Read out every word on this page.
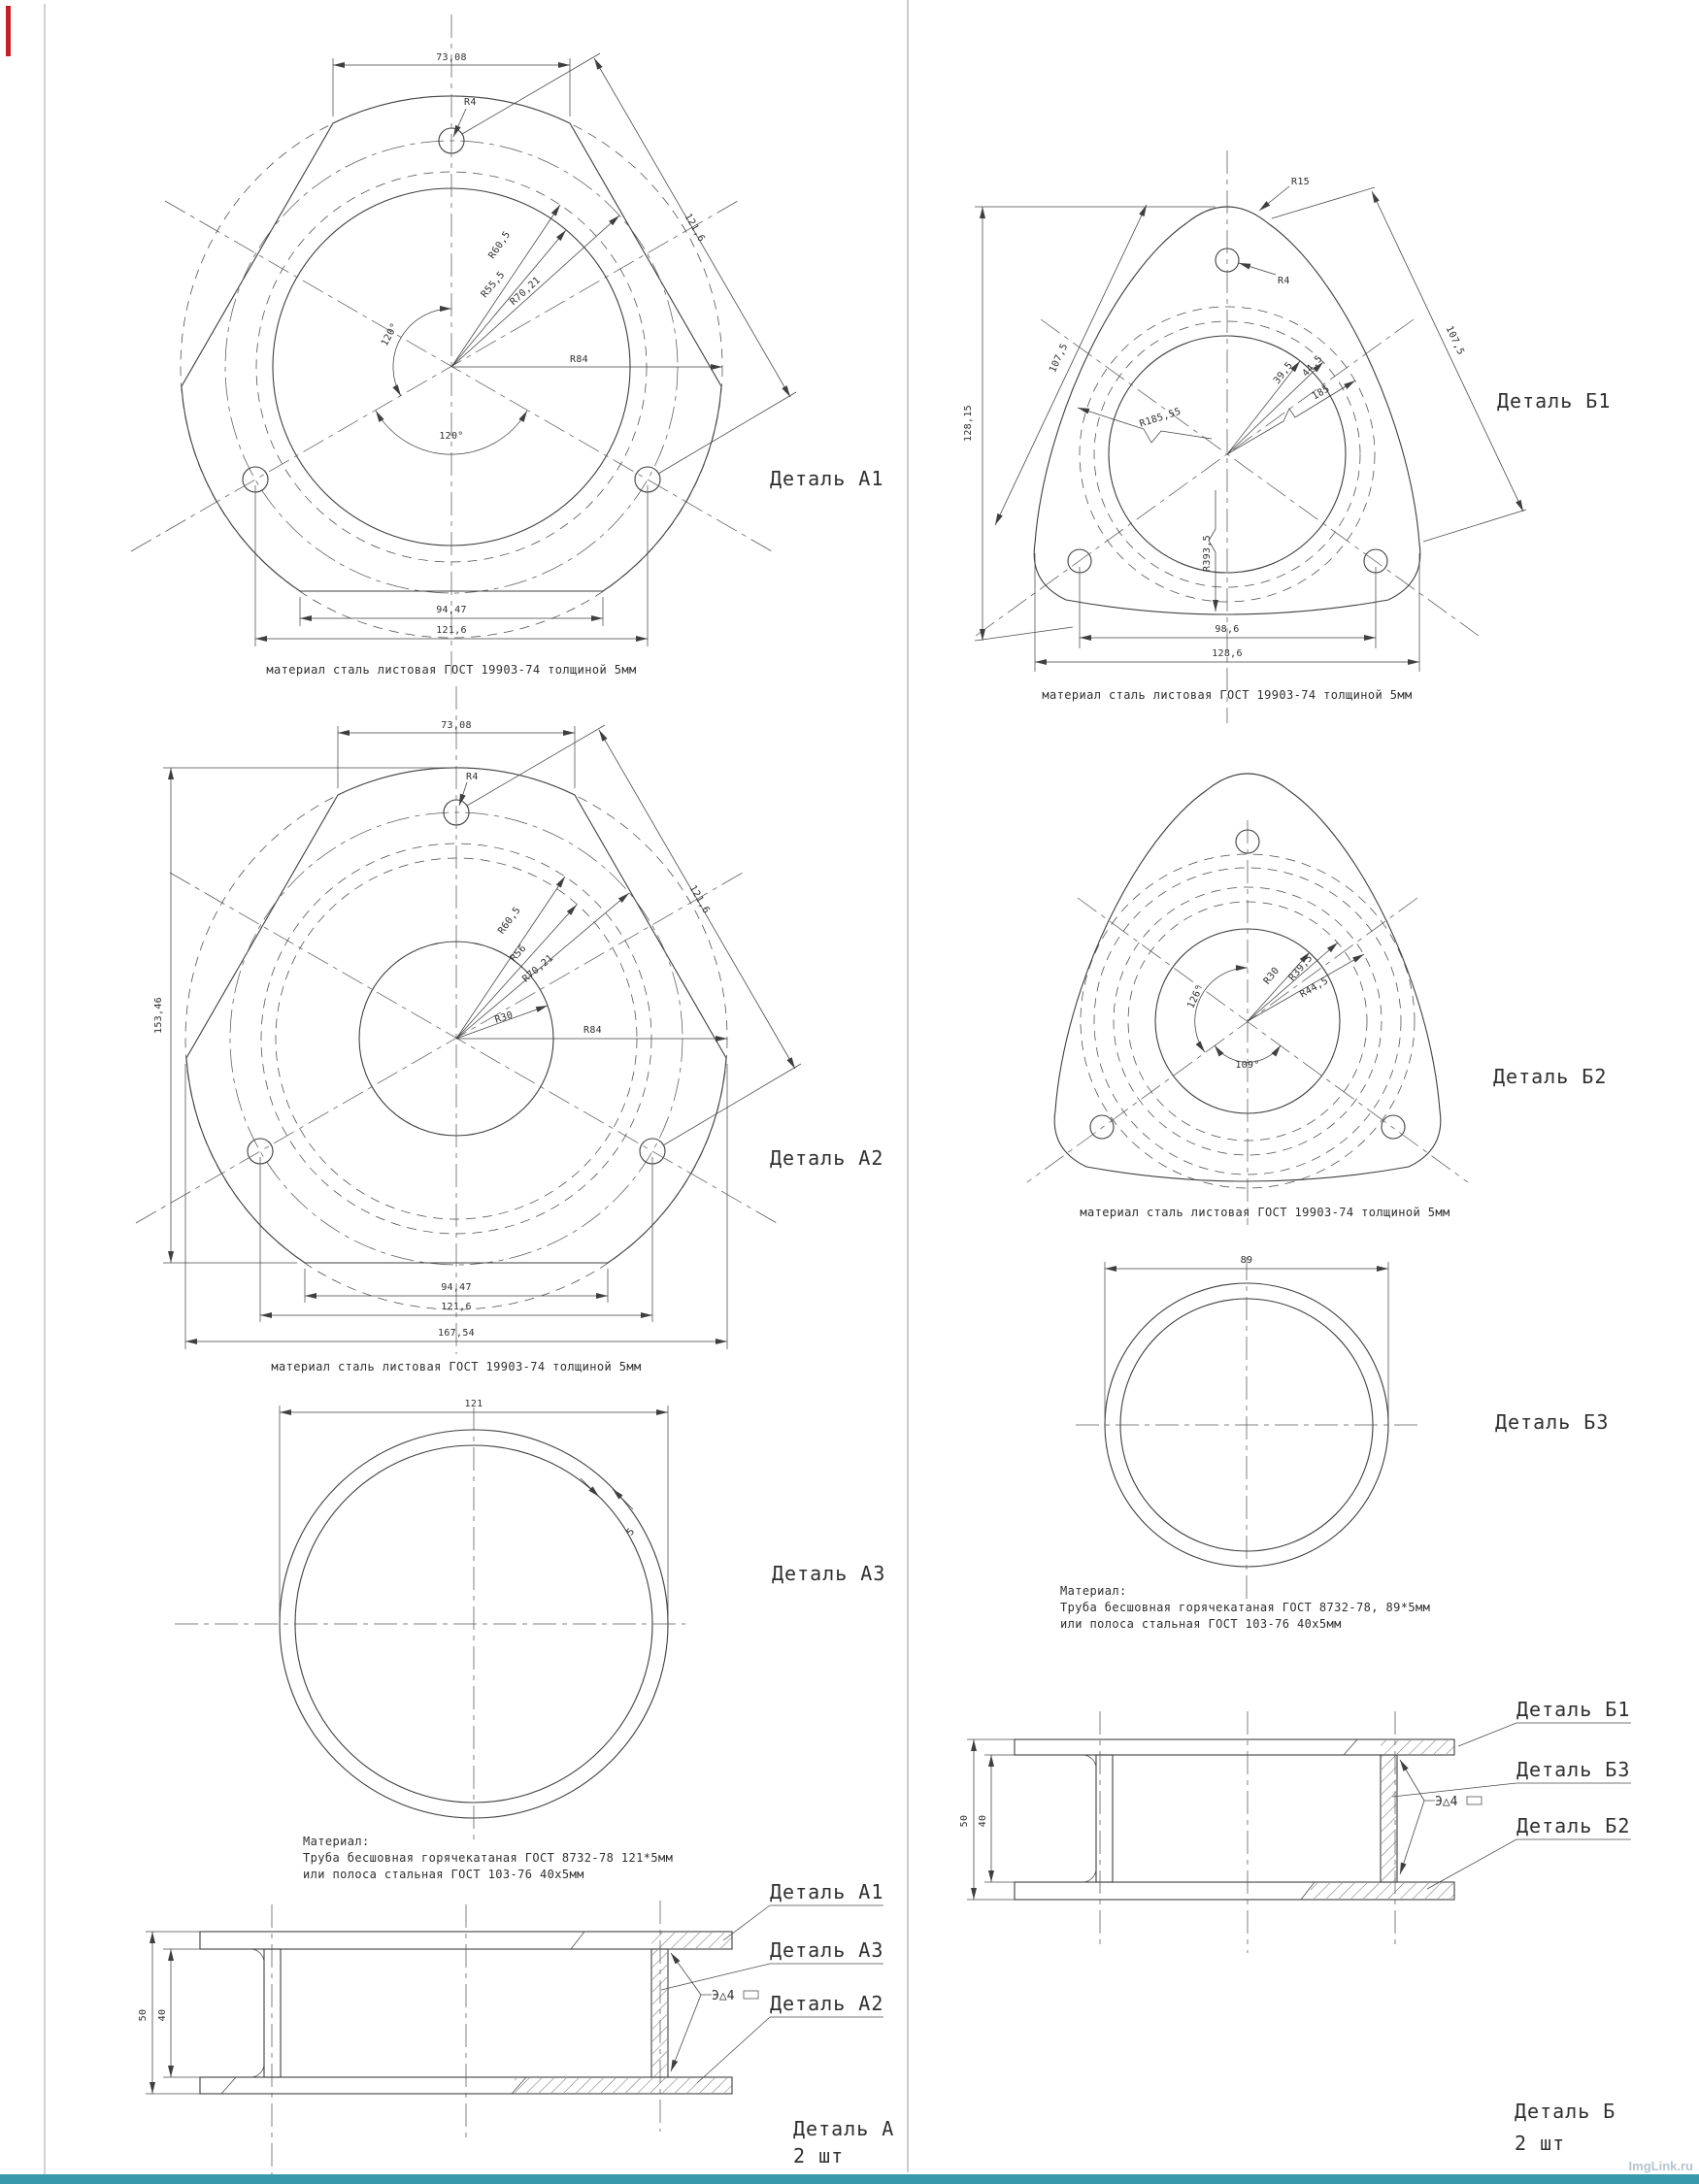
73,08
R4
R60,5
R55,5 R70,21
R84
120°
120°
121,6
94,47
121,6
материал сталь листовая ГОСТ 19903-74 толщиной 5мм
Деталь А1
R15
R4
39,5 44,5
185
R185,55
R393,5
128,15
107,5
107,5
98,6
128,6
материал сталь листовая ГОСТ 19903-74 толщиной 5мм
Деталь Б1
73,08
R4
R60,5
R56
R70,21
R30
R84
153,46
121,6
94,47
121,6
167,54
материал сталь листовая ГОСТ 19903-74 толщиной 5мм
Деталь А2
126°
109°
R30 R39,5
R44,5
материал сталь листовая ГОСТ 19903-74 толщиной 5мм
Деталь Б2
121
5
Деталь А3
Материал:
Труба бесшовная горячекатаная ГОСТ 8732-78 121*5мм
или полоса стальная ГОСТ 103-76 40х5мм
89
Деталь Б3
Материал:
Труба бесшовная горячекатаная ГОСТ 8732-78, 89*5мм
или полоса стальная ГОСТ 103-76 40х5мм
50 40
Э△4
Деталь А1
Деталь А3
Деталь А2
Деталь А
2 шт
50 40
Э△4
Деталь Б1
Деталь Б3
Деталь Б2
Деталь Б
2 шт
ImgLink.ru
